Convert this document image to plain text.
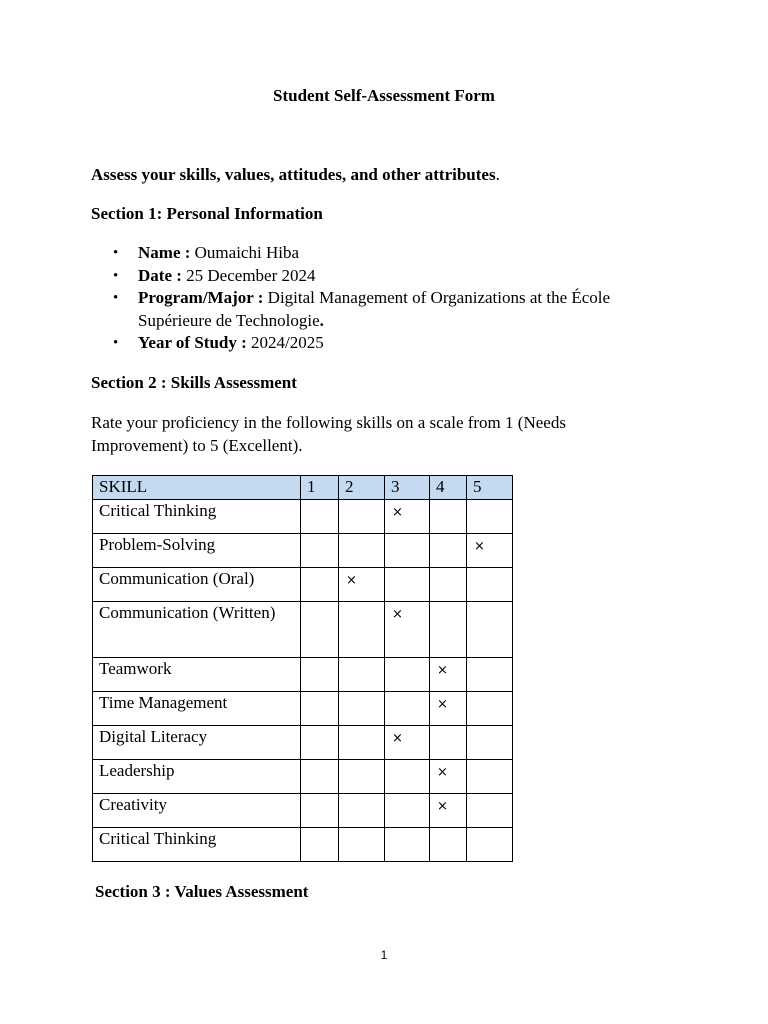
Student Self-Assessment Form
Assess your skills, values, attitudes, and other attributes.
Section 1: Personal Information
• Name : Oumaichi Hiba
• Date : 25 December 2024
• Program/Major : Digital Management of Organizations at the École Supérieure de Technologie.
• Year of Study : 2024/2025
Section 2 : Skills Assessment
Rate your proficiency in the following skills on a scale from 1 (Needs Improvement) to 5 (Excellent).
SKILL	1	2	3	4	5
Critical Thinking			×		
Problem-Solving					×
Communication (Oral)		×			
Communication (Written)			×		
Teamwork				×	
Time Management				×	
Digital Literacy			×		
Leadership				×	
Creativity				×	
Critical Thinking					
Section 3 : Values Assessment
1
